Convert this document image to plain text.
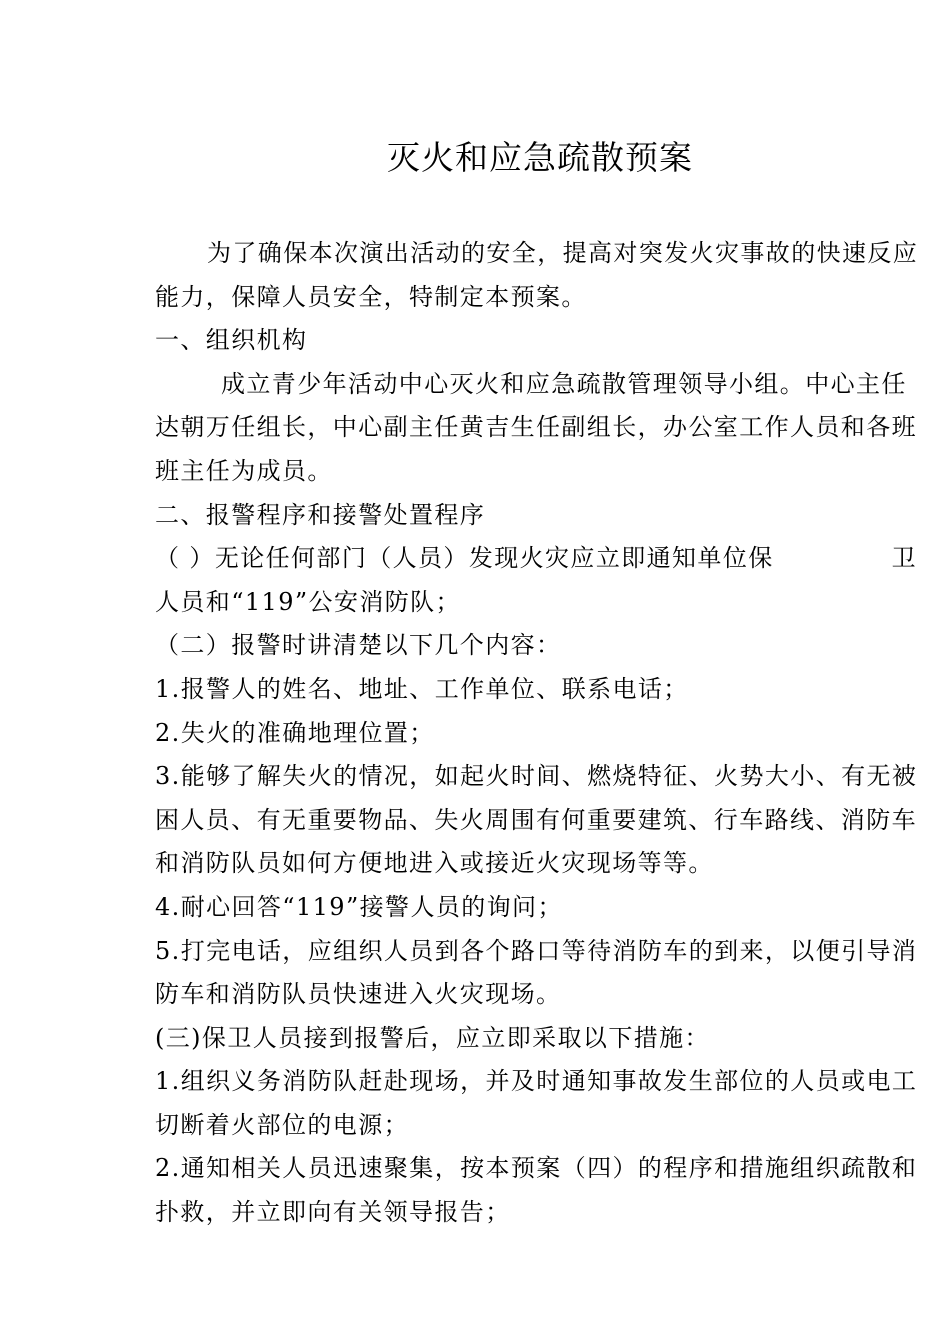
灭火和应急疏散预案

为了确保本次演出活动的安全，提高对突发火灾事故的快速反应能力，保障人员安全，特制定本预案。

一、组织机构

成立青少年活动中心灭火和应急疏散管理领导小组。中心主任达朝万任组长，中心副主任黄吉生任副组长，办公室工作人员和各班班主任为成员。

二、报警程序和接警处置程序

（ ）无论任何部门（人员）发现火灾应立即通知单位保	卫

人员和“119”公安消防队；

（二）报警时讲清楚以下几个内容：

1.报警人的姓名、地址、工作单位、联系电话；

2.失火的准确地理位置；

3.能够了解失火的情况，如起火时间、燃烧特征、火势大小、有无被困人员、有无重要物品、失火周围有何重要建筑、行车路线、消防车和消防队员如何方便地进入或接近火灾现场等等。

4.耐心回答“119”接警人员的询问；

5.打完电话，应组织人员到各个路口等待消防车的到来，以便引导消防车和消防队员快速进入火灾现场。

(三)保卫人员接到报警后，应立即采取以下措施：

1.组织义务消防队赶赴现场，并及时通知事故发生部位的人员或电工切断着火部位的电源；

2.通知相关人员迅速聚集，按本预案（四）的程序和措施组织疏散和扑救，并立即向有关领导报告；
